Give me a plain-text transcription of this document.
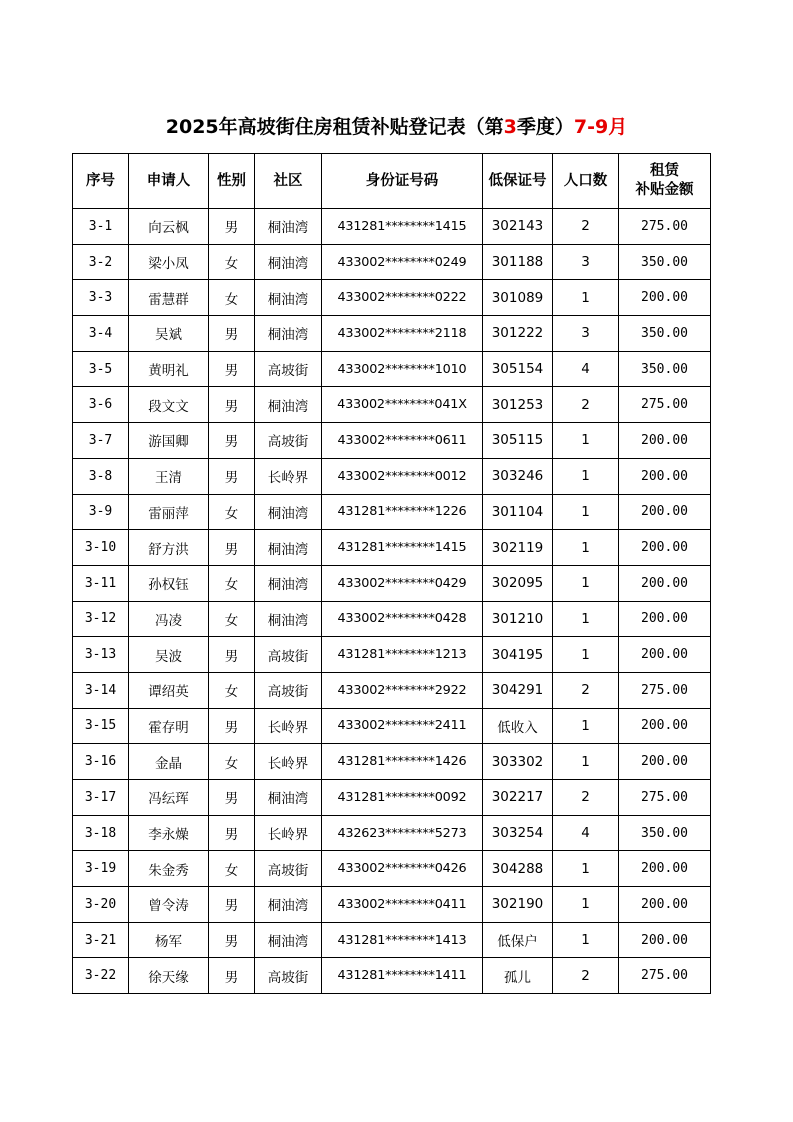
2025年高坡街住房租赁补贴登记表（第3季度）7-9月
序号	申请人	性别	社区	身份证号码	低保证号	人口数	租赁
补贴金额
3-1	向云枫	男	桐油湾	431281********1415	302143	2	275.00
3-2	梁小凤	女	桐油湾	433002********0249	301188	3	350.00
3-3	雷慧群	女	桐油湾	433002********0222	301089	1	200.00
3-4	吴斌	男	桐油湾	433002********2118	301222	3	350.00
3-5	黄明礼	男	高坡街	433002********1010	305154	4	350.00
3-6	段文文	男	桐油湾	433002********041X	301253	2	275.00
3-7	游国卿	男	高坡街	433002********0611	305115	1	200.00
3-8	王清	男	长岭界	433002********0012	303246	1	200.00
3-9	雷丽萍	女	桐油湾	431281********1226	301104	1	200.00
3-10	舒方洪	男	桐油湾	431281********1415	302119	1	200.00
3-11	孙权钰	女	桐油湾	433002********0429	302095	1	200.00
3-12	冯凌	女	桐油湾	433002********0428	301210	1	200.00
3-13	吴波	男	高坡街	431281********1213	304195	1	200.00
3-14	谭绍英	女	高坡街	433002********2922	304291	2	275.00
3-15	霍存明	男	长岭界	433002********2411	低收入	1	200.00
3-16	金晶	女	长岭界	431281********1426	303302	1	200.00
3-17	冯纭珲	男	桐油湾	431281********0092	302217	2	275.00
3-18	李永燥	男	长岭界	432623********5273	303254	4	350.00
3-19	朱金秀	女	高坡街	433002********0426	304288	1	200.00
3-20	曾令涛	男	桐油湾	433002********0411	302190	1	200.00
3-21	杨军	男	桐油湾	431281********1413	低保户	1	200.00
3-22	徐天缘	男	高坡街	431281********1411	孤儿	2	275.00
